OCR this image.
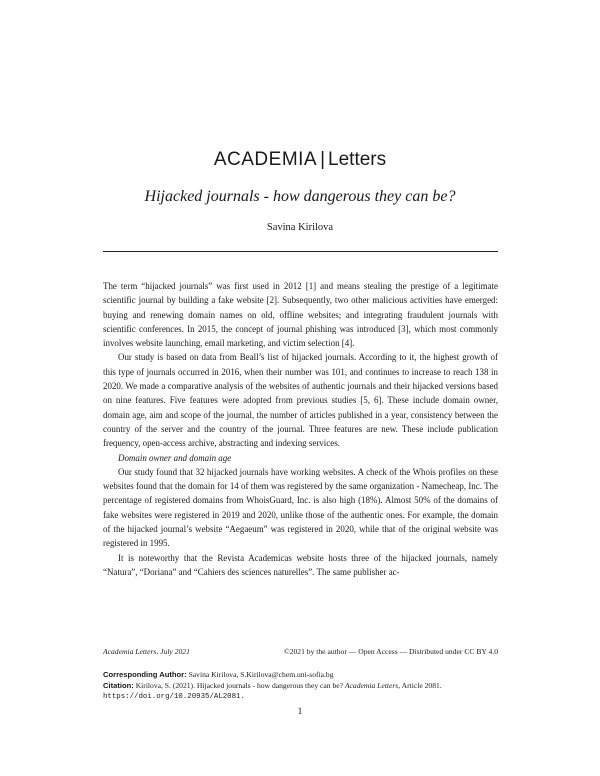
ACADEMIA | Letters
Hijacked journals - how dangerous they can be?
Savina Kirilova

The term “hijacked journals” was first used in 2012 [1] and means stealing the prestige of a legitimate scientific journal by building a fake website [2]. Subsequently, two other malicious activities have emerged: buying and renewing domain names on old, offline websites; and integrating fraudulent journals with scientific conferences. In 2015, the concept of journal phishing was introduced [3], which most commonly involves website launching, email marketing, and victim selection [4].

Our study is based on data from Beall’s list of hijacked journals. According to it, the highest growth of this type of journals occurred in 2016, when their number was 101, and continues to increase to reach 138 in 2020. We made a comparative analysis of the websites of authentic journals and their hijacked versions based on nine features. Five features were adopted from previous studies [5, 6]. These include domain owner, domain age, aim and scope of the journal, the number of articles published in a year, consistency between the country of the server and the country of the journal. Three features are new. These include publication frequency, open-access archive, abstracting and indexing services.

Domain owner and domain age

Our study found that 32 hijacked journals have working websites. A check of the Whois profiles on these websites found that the domain for 14 of them was registered by the same organization - Namecheap, Inc. The percentage of registered domains from WhoisGuard, Inc. is also high (18%). Almost 50% of the domains of fake websites were registered in 2019 and 2020, unlike those of the authentic ones. For example, the domain of the hijacked journal’s website “Aegaeum” was registered in 2020, while that of the original website was registered in 1995.

It is noteworthy that the Revista Academicas website hosts three of the hijacked journals, namely “Natura”, “Doriana” and “Cahiers des sciences naturelles”. The same publisher ac-

Academia Letters, July 2021	©2021 by the author — Open Access — Distributed under CC BY 4.0
Corresponding Author: Savina Kirilova, S.Kirilova@chem.uni-sofia.bg
Citation: Kirilova, S. (2021). Hijacked journals - how dangerous they can be? Academia Letters, Article 2081.
https://doi.org/10.20935/AL2081.
1
